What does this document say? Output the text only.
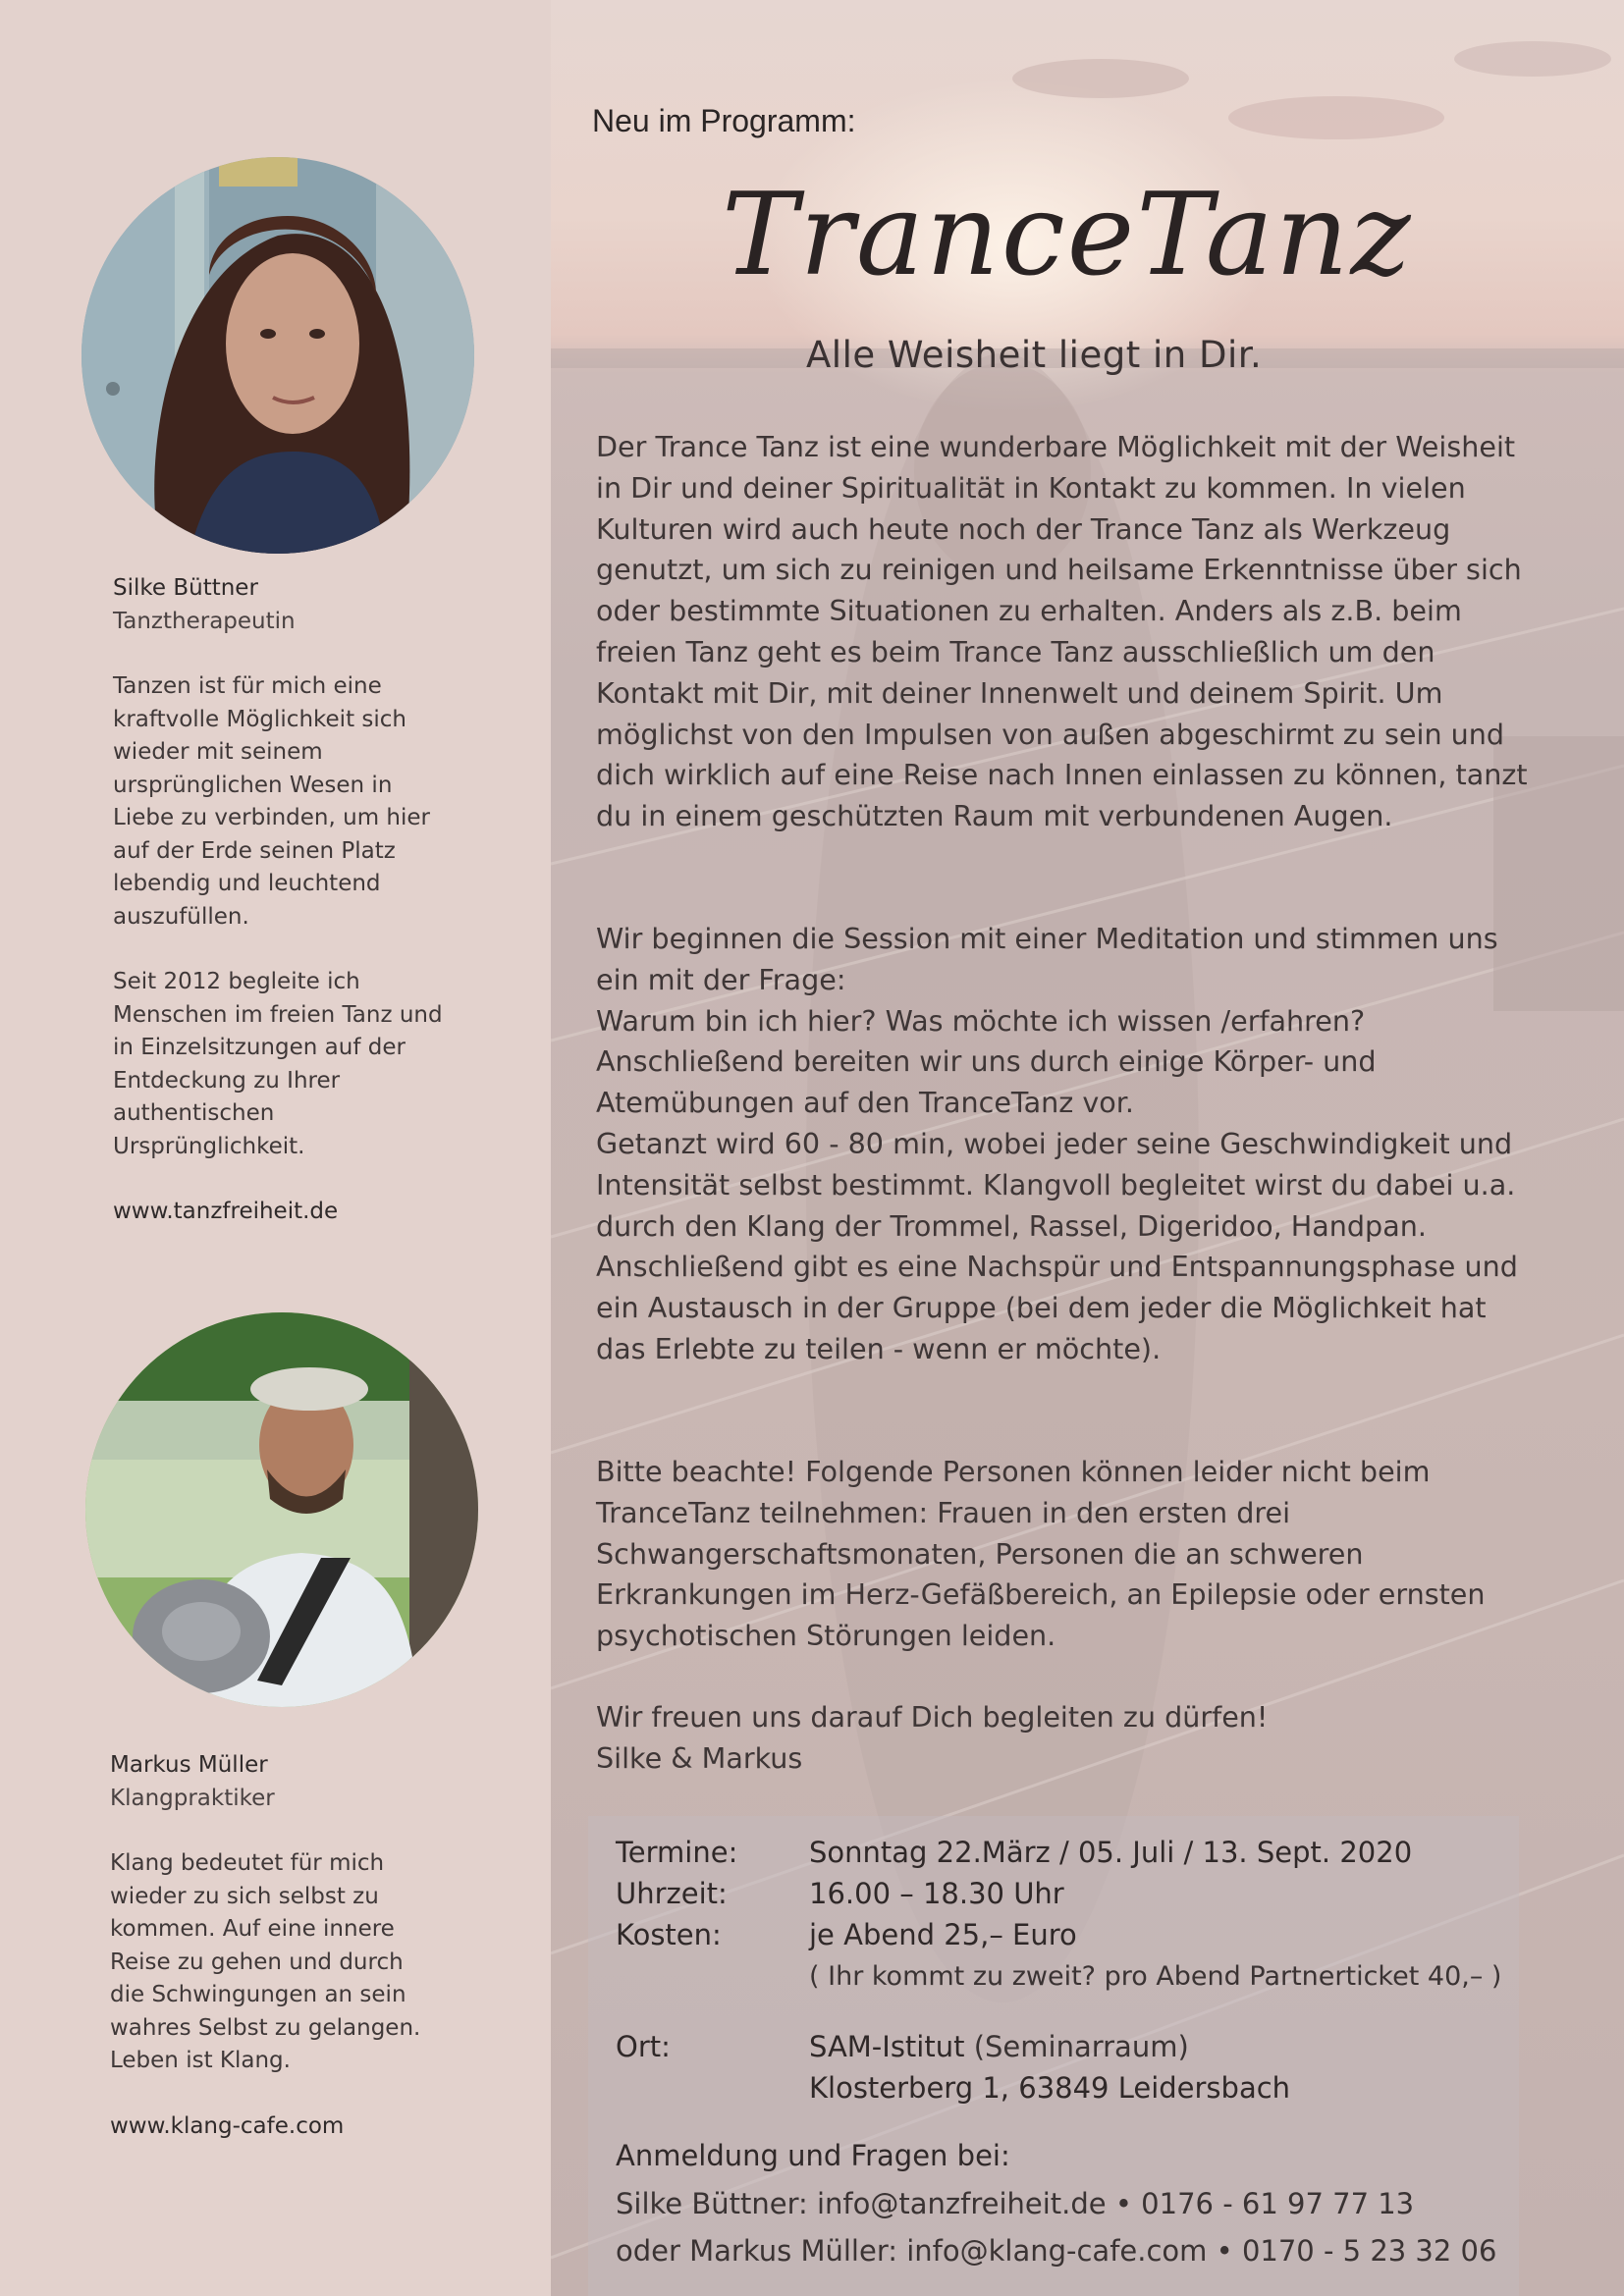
Silke Büttner

Tanztherapeutin

Tanzen ist für mich eine kraftvolle Möglichkeit sich wieder mit seinem ursprünglichen Wesen in Liebe zu verbinden, um hier auf der Erde seinen Platz lebendig und leuchtend auszufüllen.

Seit 2012 begleite ich Menschen im freien Tanz und in Einzelsitzungen auf der Entdeckung zu Ihrer authentischen Ursprünglichkeit.

www.tanzfreiheit.de

Markus Müller

Klangpraktiker

Klang bedeutet für mich wieder zu sich selbst zu kommen. Auf eine innere Reise zu gehen und durch die Schwingungen an sein wahres Selbst zu gelangen. Leben ist Klang.

www.klang-cafe.com

Neu im Programm:
TranceTanz
Alle Weisheit liegt in Dir.

Der Trance Tanz ist eine wunderbare Möglichkeit mit der Weisheit in Dir und deiner Spiritualität in Kontakt zu kommen. In vielen Kulturen wird auch heute noch der Trance Tanz als Werkzeug genutzt, um sich zu reinigen und heilsame Erkenntnisse über sich oder bestimmte Situationen zu erhalten. Anders als z.B. beim freien Tanz geht es beim Trance Tanz ausschließlich um den Kontakt mit Dir, mit deiner Innenwelt und deinem Spirit. Um möglichst von den Impulsen von außen abgeschirmt zu sein und dich wirklich auf eine Reise nach Innen einlassen zu können, tanzt du in einem geschützten Raum mit verbundenen Augen.

Wir beginnen die Session mit einer Meditation und stimmen uns ein mit der Frage:

Warum bin ich hier? Was möchte ich wissen /erfahren?

Anschließend bereiten wir uns durch einige Körper- und Atemübungen auf den TranceTanz vor.

Getanzt wird 60 - 80 min, wobei jeder seine Geschwindigkeit und Intensität selbst bestimmt. Klangvoll begleitet wirst du dabei u.a. durch den Klang der Trommel, Rassel, Digeridoo, Handpan. Anschließend gibt es eine Nachspür und Entspannungsphase und ein Austausch in der Gruppe (bei dem jeder die Möglichkeit hat das Erlebte zu teilen - wenn er möchte).

Bitte beachte! Folgende Personen können leider nicht beim TranceTanz teilnehmen: Frauen in den ersten drei Schwangerschaftsmonaten, Personen die an schweren Erkrankungen im Herz-Gefäßbereich, an Epilepsie oder ernsten psychotischen Störungen leiden.

Wir freuen uns darauf Dich begleiten zu dürfen!

Silke & Markus

Termine:	Sonntag 22.März / 05. Juli / 13. Sept. 2020
Uhrzeit:	16.00 – 18.30 Uhr
Kosten:	je Abend 25,– Euro
( Ihr kommt zu zweit? pro Abend Partnerticket 40,– )
Ort:	SAM-Istitut (Seminarraum)
Klosterberg 1, 63849 Leidersbach
Anmeldung und Fragen bei:
Silke Büttner: info@tanzfreiheit.de • 0176 - 61 97 77 13
oder Markus Müller: info@klang-cafe.com • 0170 - 5 23 32 06
